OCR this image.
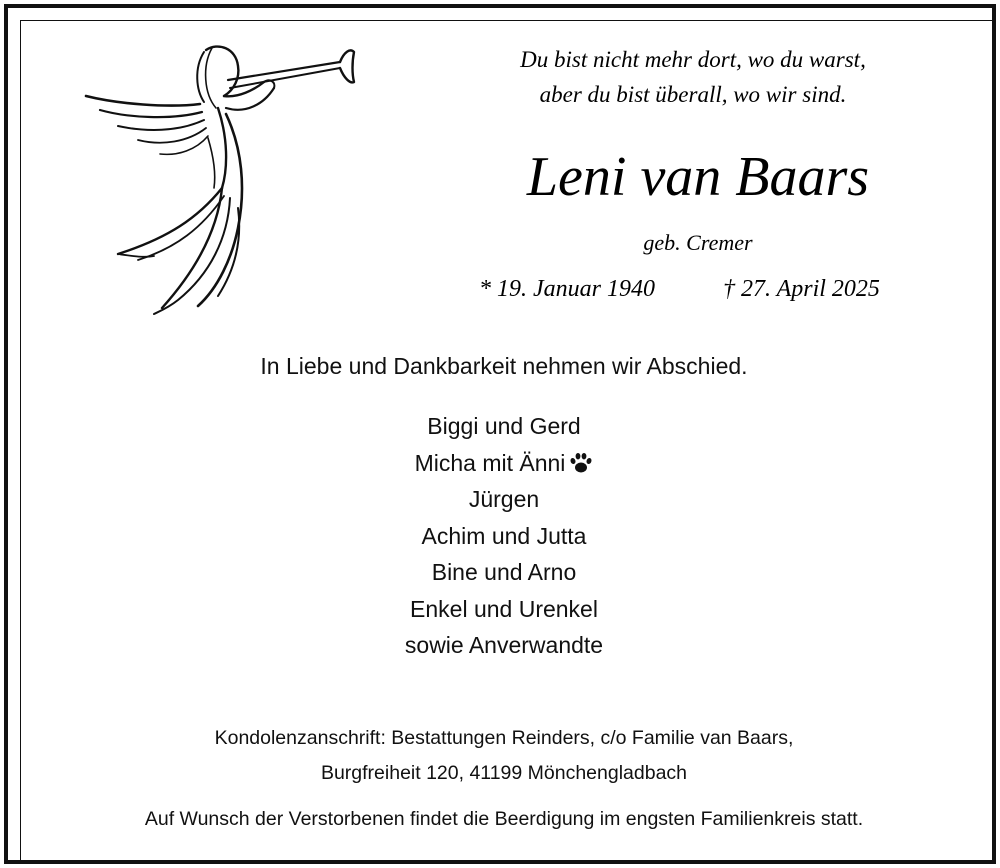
Du bist nicht mehr dort, wo du warst,
aber du bist überall, wo wir sind.
Leni van Baars
geb. Cremer
* 19. Januar 1940	† 27. April 2025
In Liebe und Dankbarkeit nehmen wir Abschied.
Biggi und Gerd
Micha mit Änni
Jürgen
Achim und Jutta
Bine und Arno
Enkel und Urenkel
sowie Anverwandte
Kondolenzanschrift: Bestattungen Reinders, c/o Familie van Baars,
Burgfreiheit 120, 41199 Mönchengladbach
Auf Wunsch der Verstorbenen findet die Beerdigung im engsten Familienkreis statt.
